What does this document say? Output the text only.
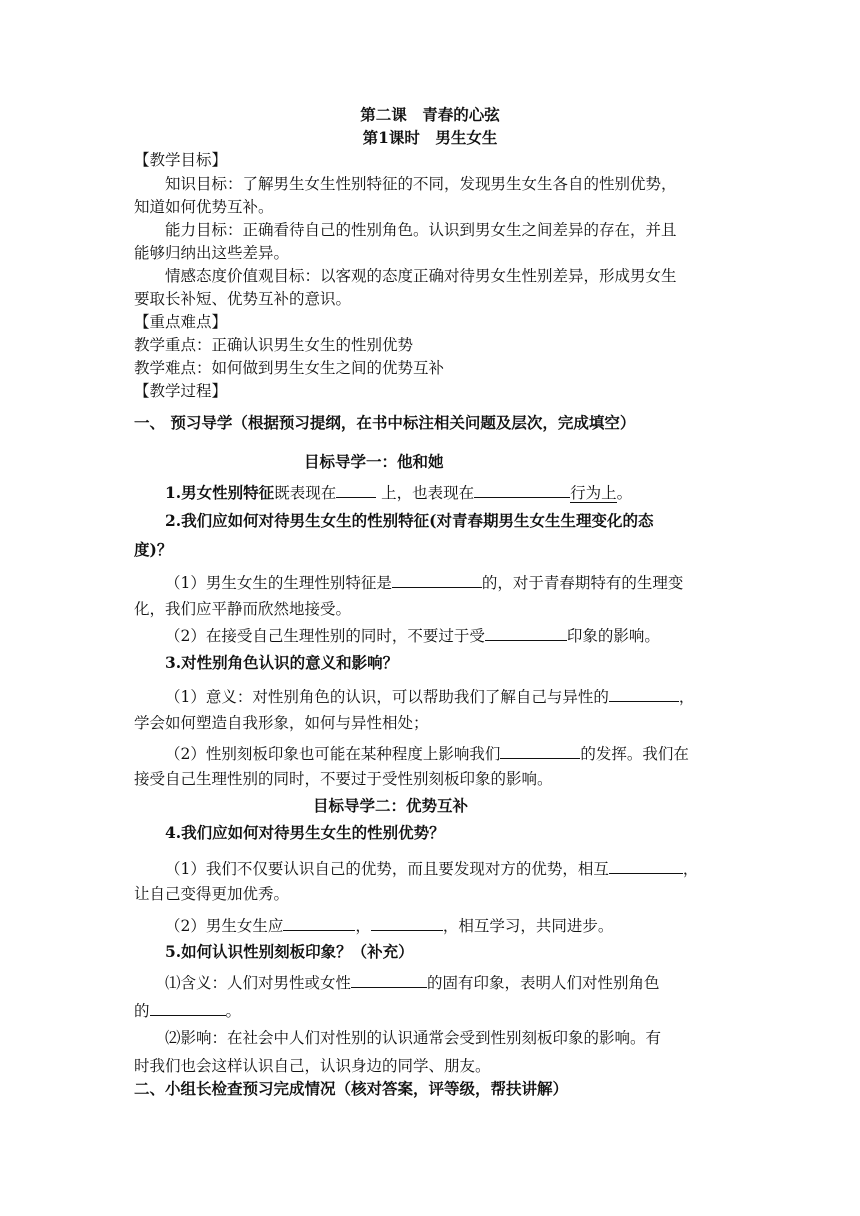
第二课　青春的心弦
第1课时　男生女生
【教学目标】
知识目标：了解男生女生性别特征的不同，发现男生女生各自的性别优势，
知道如何优势互补。
能力目标：正确看待自己的性别角色。认识到男女生之间差异的存在，并且
能够归纳出这些差异。
情感态度价值观目标：以客观的态度正确对待男女生性别差异，形成男女生
要取长补短、优势互补的意识。
【重点难点】
教学重点：正确认识男生女生的性别优势
教学难点：如何做到男生女生之间的优势互补
【教学过程】
一、 预习导学（根据预习提纲，在书中标注相关问题及层次，完成填空）
目标导学一：他和她
1.男女性别特征既表现在	上，也表现在	行为上。
2.我们应如何对待男生女生的性别特征(对青春期男生女生生理变化的态
度)？
（1）男生女生的生理性别特征是	的，对于青春期特有的生理变
化，我们应平静而欣然地接受。
（2）在接受自己生理性别的同时，不要过于受	印象的影响。
3.对性别角色认识的意义和影响？
（1）意义：对性别角色的认识，可以帮助我们了解自己与异性的	，
学会如何塑造自我形象，如何与异性相处；
（2）性别刻板印象也可能在某种程度上影响我们	的发挥。我们在
接受自己生理性别的同时，不要过于受性别刻板印象的影响。
目标导学二：优势互补
4.我们应如何对待男生女生的性别优势？
（1）我们不仅要认识自己的优势，而且要发现对方的优势，相互	，
让自己变得更加优秀。
（2）男生女生应	，	，相互学习，共同进步。
5.如何认识性别刻板印象？（补充）
⑴含义：人们对男性或女性	的固有印象，表明人们对性别角色
的	。
⑵影响：在社会中人们对性别的认识通常会受到性别刻板印象的影响。有
时我们也会这样认识自己，认识身边的同学、朋友。
二、小组长检查预习完成情况（核对答案，评等级，帮扶讲解）
